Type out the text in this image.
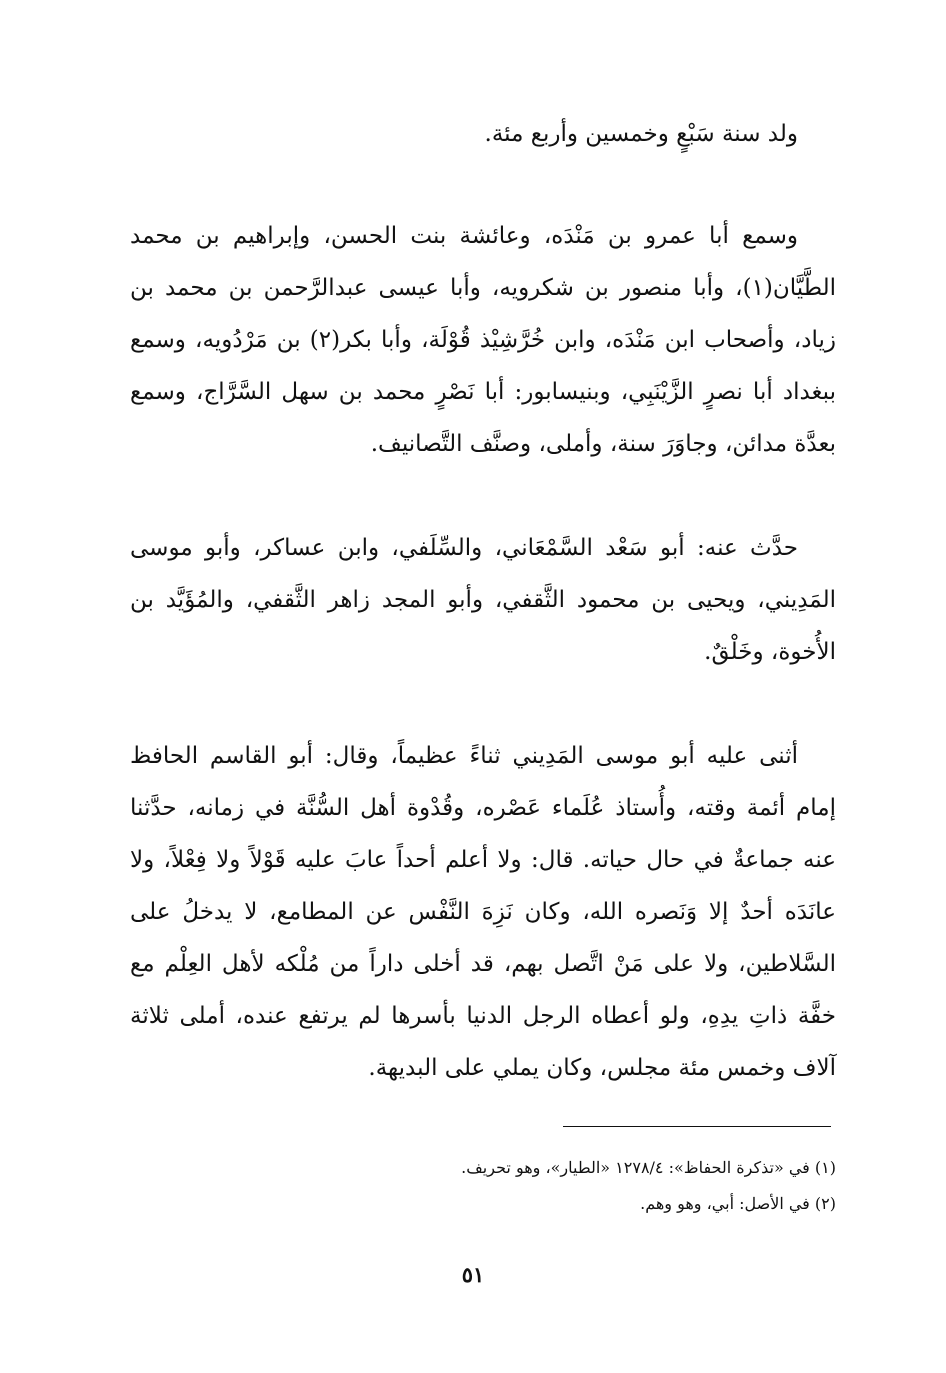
ولد سنة سَبْعٍ وخمسين وأربع مئة.

وسمع أبا عمرو بن مَنْدَه، وعائشة بنت الحسن، وإبراهيم بن محمد الطَّيَّان(١)، وأبا منصور بن شكرويه، وأبا عيسى عبدالرَّحمن بن محمد بن زياد، وأصحاب ابن مَنْدَه، وابن خُرَّشِيْذ قُوْلَة، وأبا بكر(٢) بن مَرْدُويه، وسمع ببغداد أبا نصرٍ الزَّيْنَبِي، وبنيسابور: أبا نَصْرٍ محمد بن سهل السَّرَّاج، وسمع بعدَّة مدائن، وجاوَرَ سنة، وأملى، وصنَّف التَّصانيف.

حدَّث عنه: أبو سَعْد السَّمْعَاني، والسِّلَفي، وابن عساكر، وأبو موسى المَدِيني، ويحيى بن محمود الثَّقفي، وأبو المجد زاهر الثَّقفي، والمُؤَيَّد بن الأُخوة، وخَلْقٌ.

أثنى عليه أبو موسى المَدِيني ثناءً عظيماً، وقال: أبو القاسم الحافظ إمام أئمة وقته، وأُستاذ عُلَماء عَصْره، وقُدْوة أهل السُّنَّة في زمانه، حدَّثنا عنه جماعةٌ في حال حياته. قال: ولا أعلم أحداً عابَ عليه قَوْلاً ولا فِعْلاً، ولا عانَدَه أحدٌ إلا وَنَصره الله، وكان نَزِهَ النَّفْس عن المطامع، لا يدخلُ على السَّلاطين، ولا على مَنْ اتَّصل بهم، قد أخلى داراً من مُلْكه لأهل العِلْم مع خفَّة ذاتِ يدِهِ، ولو أعطاه الرجل الدنيا بأسرها لم يرتفع عنده، أملى ثلاثة آلاف وخمس مئة مجلس، وكان يملي على البديهة.

(١) في «تذكرة الحفاظ»: ١٢٧٨/٤ «الطيار»، وهو تحريف.

(٢) في الأصل: أبي، وهو وهم.

٥١
